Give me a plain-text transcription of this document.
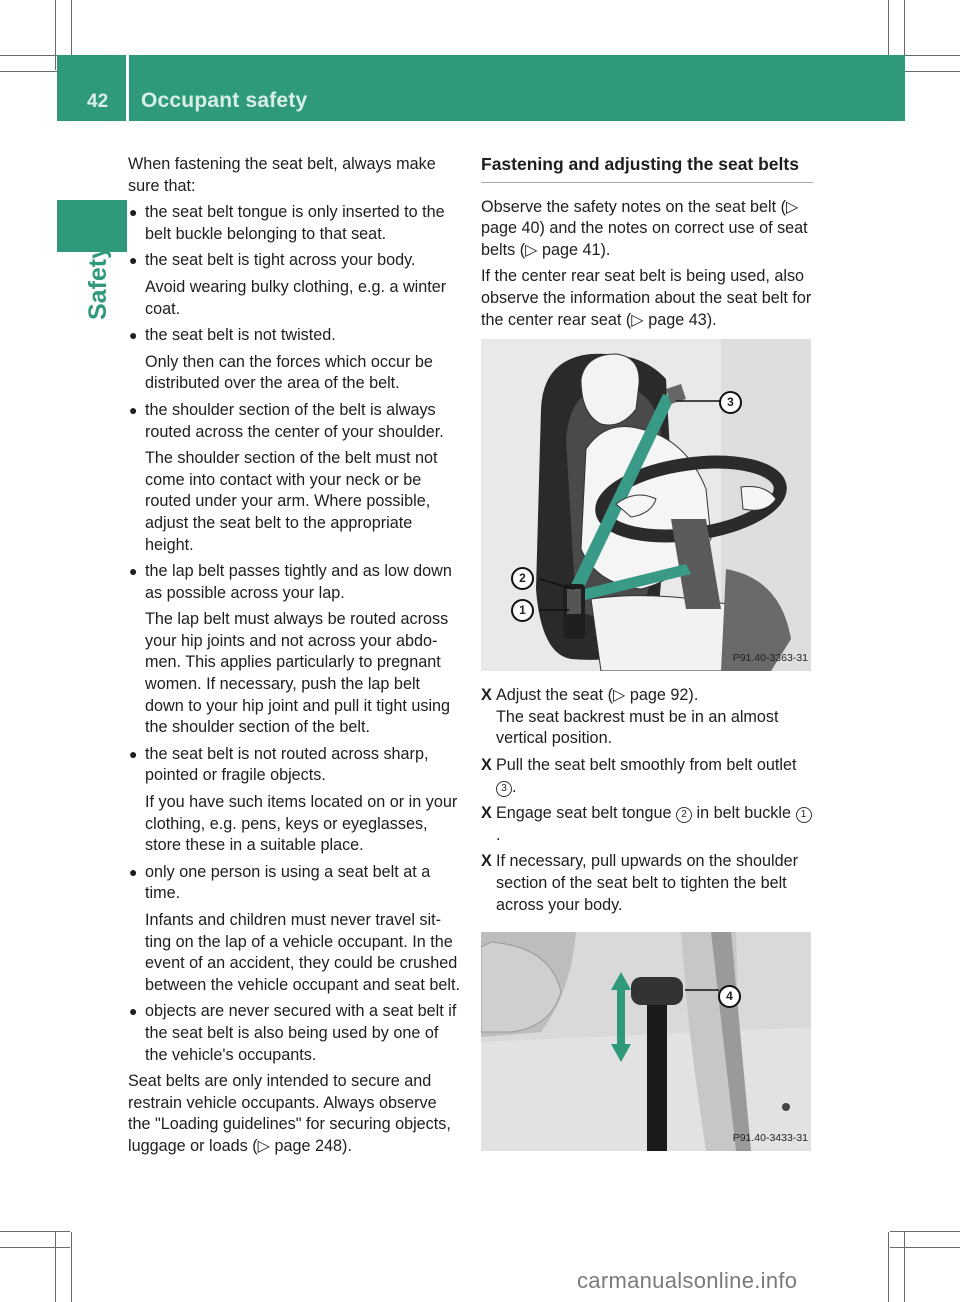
42 Occupant safety
Safety

When fastening the seat belt, always make sure that:

● the seat belt tongue is only inserted to the belt buckle belonging to that seat.
● the seat belt is tight across your body.

Avoid wearing bulky clothing, e.g. a winter coat.

● the seat belt is not twisted.

Only then can the forces which occur be distributed over the area of the belt.

● the shoulder section of the belt is always routed across the center of your shoulder.

The shoulder section of the belt must not come into contact with your neck or be routed under your arm. Where possible, adjust the seat belt to the appropriate height.

● the lap belt passes tightly and as low down as possible across your lap.

The lap belt must always be routed across your hip joints and not across your abdo-men. This applies particularly to pregnant women. If necessary, push the lap belt down to your hip joint and pull it tight using the shoulder section of the belt.

● the seat belt is not routed across sharp, pointed or fragile objects.

If you have such items located on or in your clothing, e.g. pens, keys or eyeglasses, store these in a suitable place.

● only one person is using a seat belt at a time.

Infants and children must never travel sit-ting on the lap of a vehicle occupant. In the event of an accident, they could be crushed between the vehicle occupant and seat belt.

● objects are never secured with a seat belt if the seat belt is also being used by one of the vehicle's occupants.

Seat belts are only intended to secure and restrain vehicle occupants. Always observe the "Loading guidelines" for securing objects, luggage or loads (▷ page 248).

Fastening and adjusting the seat belts

Observe the safety notes on the seat belt (▷ page 40) and the notes on correct use of seat belts (▷ page 41).

If the center rear seat belt is being used, also observe the information about the seat belt for the center rear seat (▷ page 43).

3
2
1
P91.40-3363-31
X Adjust the seat (▷ page 92).
The seat backrest must be in an almost vertical position.
X Pull the seat belt smoothly from belt outlet 3 .
X Engage seat belt tongue 2 in belt buckle 1.
X If necessary, pull upwards on the shoulder section of the seat belt to tighten the belt across your body.
4
P91.40-3433-31
carmanualsonline.info
